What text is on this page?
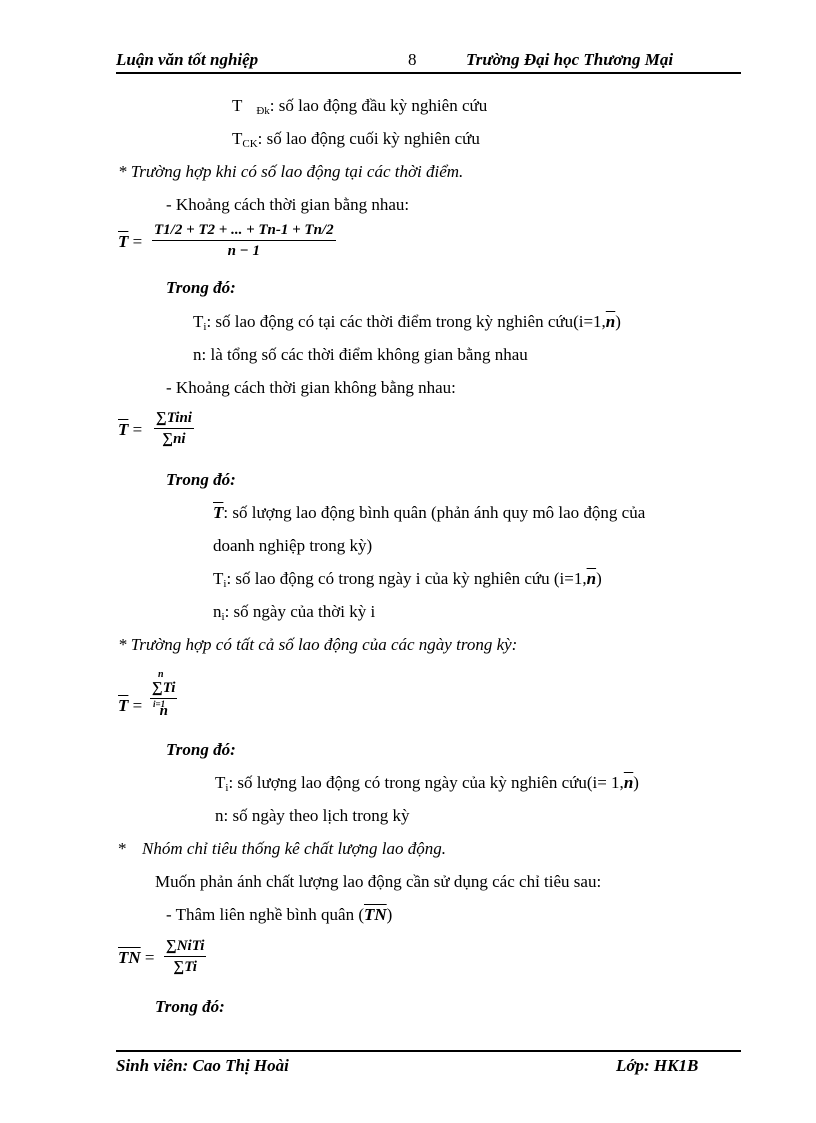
Luận văn tốt nghiệp	8	Trường Đại học Thương Mại
T $_{Đk}$: số lao động đầu kỳ nghiên cứu
$T_{CK}$: số lao động cuối kỳ nghiên cứu
* Trường hợp khi có số lao động tại các thời điểm.
- Khoảng cách thời gian bằng nhau:
$\overline{T} = \frac{T1/2 + T2 + ... + Tn-1 + Tn/2}{n - 1}$
Trong đó:
$T_i$: số lao động có tại các thời điểm trong kỳ nghiên $cứu(i=1,\overline{n})$
n: là tổng số các thời điểm không gian bằng nhau
- Khoảng cách thời gian không bằng nhau:
$\overline{T}$ =
∑Tini
∑ni
Trong đó:
$\overline{T}$: số lượng lao động bình quân (phản ánh quy mô lao động của
doanh nghiệp trong kỳ)
$T_i$: số lao động có trong ngày i của kỳ nghiên cứu $(i=1,\overline{n})$
$n_i$: số ngày của thời kỳ i
* Trường hợp có tất cả số lao động của các ngày trong kỳ:
$\overline{T}$ =
n
$\frac{\sum Ti}{n}$
i=1
Trong đó:
$T_i$: số lượng lao động có trong ngày của kỳ nghiên cứu(i= $1,\overline{n}$)
n: số ngày theo lịch trong kỳ
* Nhóm chỉ tiêu thống kê chất lượng lao động.
Muốn phản ánh chất lượng lao động cần sử dụng các chỉ tiêu sau:
- Thâm liên nghề bình quân $(\overline{TN})$
$\overline{TN}$ =
∑NiTi
∑Ti
Trong đó:
Sinh viên: Cao Thị Hoài	Lớp: HK1B
